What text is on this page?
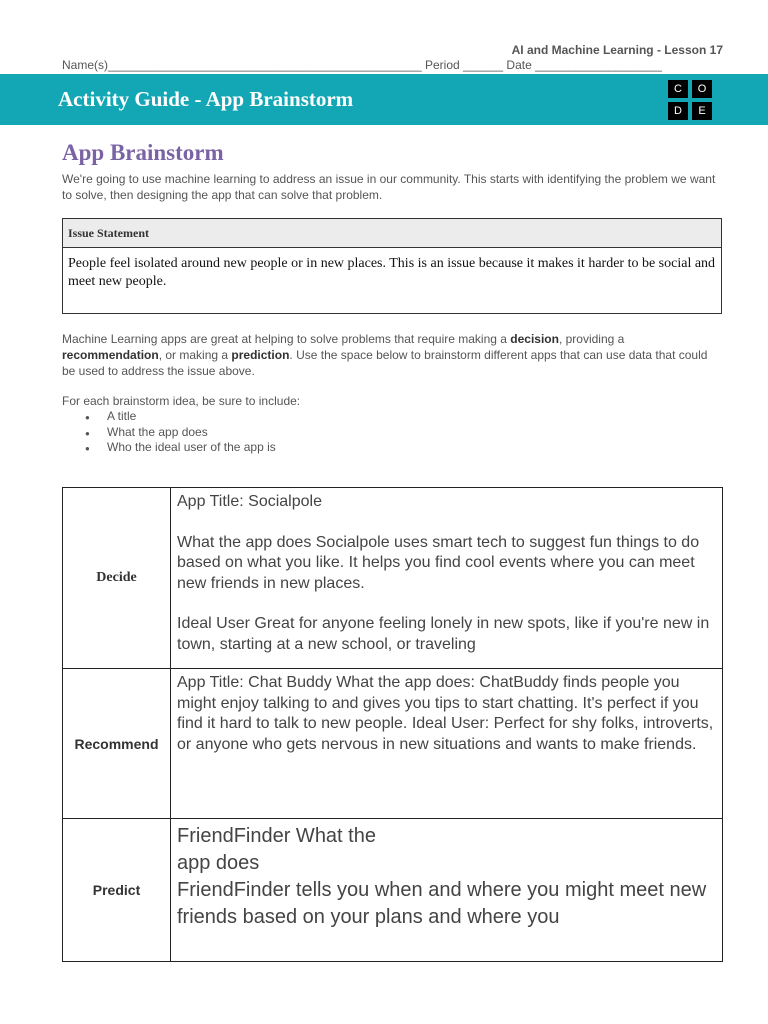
AI and Machine Learning - Lesson 17
Name(s)_______________________________________________ Period ______ Date ___________________
Activity Guide - App Brainstorm	C	O
D	E
App Brainstorm
We're going to use machine learning to address an issue in our community. This starts with identifying the problem we want to solve, then designing the app that can solve that problem.
Issue Statement
People feel isolated around new people or in new places. This is an issue because it makes it harder to be social and meet new people.
Machine Learning apps are great at helping to solve problems that require making a decision, providing a recommendation, or making a prediction. Use the space below to brainstorm different apps that can use data that could be used to address the issue above.
For each brainstorm idea, be sure to include:
● A title
● What the app does
● Who the ideal user of the app is
Decide
App Title: Socialpole
What the app does Socialpole uses smart tech to suggest fun things to do based on what you like. It helps you find cool events where you can meet new friends in new places.
Ideal User Great for anyone feeling lonely in new spots, like if you're new in town, starting at a new school, or traveling
Recommend
App Title: Chat Buddy What the app does: ChatBuddy finds people you might enjoy talking to and gives you tips to start chatting. It's perfect if you find it hard to talk to new people. Ideal User: Perfect for shy folks, introverts, or anyone who gets nervous in new situations and wants to make friends.
Predict
FriendFinder What the
app does
FriendFinder tells you when and where you might meet new friends based on your plans and where you
